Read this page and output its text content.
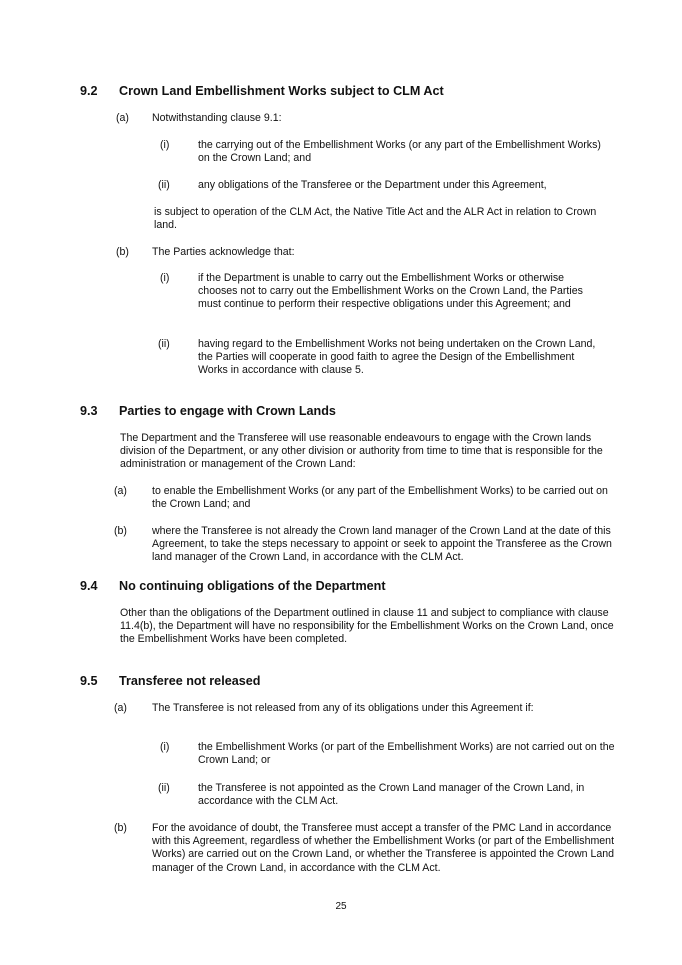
9.2 Crown Land Embellishment Works subject to CLM Act
(a) Notwithstanding clause 9.1:
(i)	the carrying out of the Embellishment Works (or any part of the Embellishment Works) on the Crown Land; and
(ii)	any obligations of the Transferee or the Department under this Agreement,
is subject to operation of the CLM Act, the Native Title Act and the ALR Act in relation to Crown land.
(b) The Parties acknowledge that:
(i)	if the Department is unable to carry out the Embellishment Works or otherwise chooses not to carry out the Embellishment Works on the Crown Land, the Parties must continue to perform their respective obligations under this Agreement; and
(ii)	having regard to the Embellishment Works not being undertaken on the Crown Land, the Parties will cooperate in good faith to agree the Design of the Embellishment Works in accordance with clause 5.
9.3 Parties to engage with Crown Lands
The Department and the Transferee will use reasonable endeavours to engage with the Crown lands division of the Department, or any other division or authority from time to time that is responsible for the administration or management of the Crown Land:
(a) to enable the Embellishment Works (or any part of the Embellishment Works) to be carried out on the Crown Land; and
(b) where the Transferee is not already the Crown land manager of the Crown Land at the date of this Agreement, to take the steps necessary to appoint or seek to appoint the Transferee as the Crown land manager of the Crown Land, in accordance with the CLM Act.
9.4 No continuing obligations of the Department
Other than the obligations of the Department outlined in clause 11 and subject to compliance with clause 11.4(b), the Department will have no responsibility for the Embellishment Works on the Crown Land, once the Embellishment Works have been completed.
9.5 Transferee not released
(a) The Transferee is not released from any of its obligations under this Agreement if:
(i)	the Embellishment Works (or part of the Embellishment Works) are not carried out on the Crown Land; or
(ii)	the Transferee is not appointed as the Crown Land manager of the Crown Land, in accordance with the CLM Act.
(b) For the avoidance of doubt, the Transferee must accept a transfer of the PMC Land in accordance with this Agreement, regardless of whether the Embellishment Works (or part of the Embellishment Works) are carried out on the Crown Land, or whether the Transferee is appointed the Crown Land manager of the Crown Land, in accordance with the CLM Act.
25
